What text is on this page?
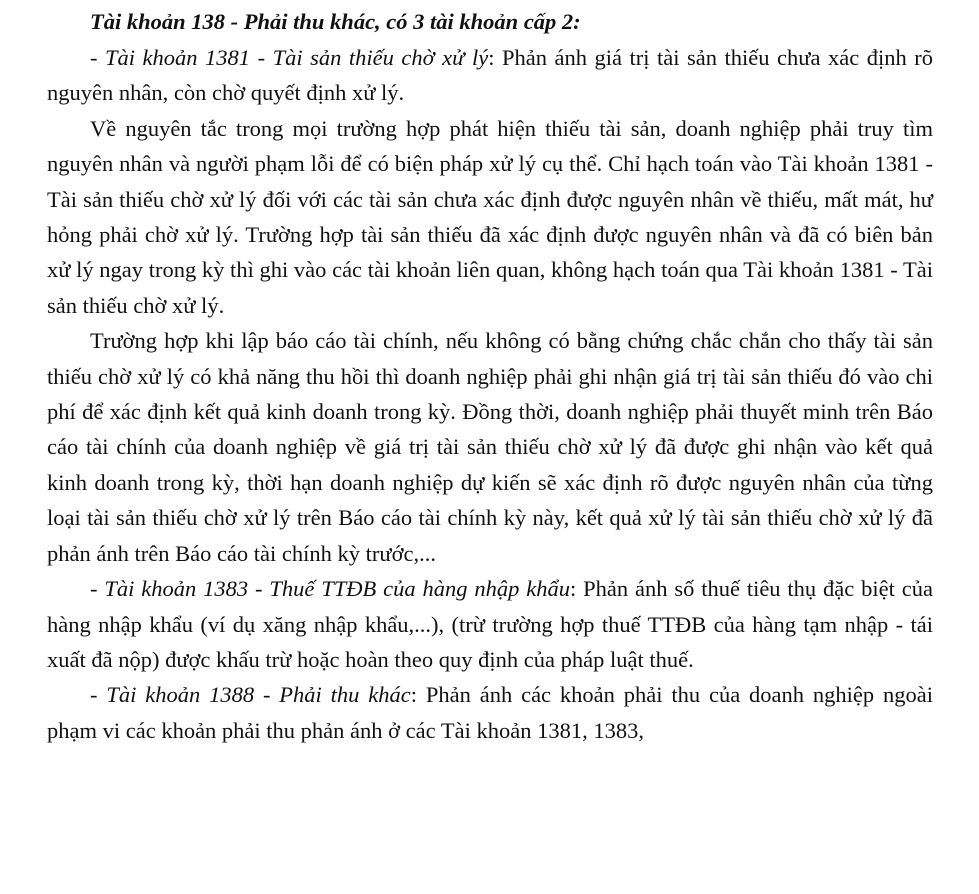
Tài khoản 138 - Phải thu khác, có 3 tài khoản cấp 2:

- Tài khoản 1381 - Tài sản thiếu chờ xử lý: Phản ánh giá trị tài sản thiếu chưa xác định rõ nguyên nhân, còn chờ quyết định xử lý.

Về nguyên tắc trong mọi trường hợp phát hiện thiếu tài sản, doanh nghiệp phải truy tìm nguyên nhân và người phạm lỗi để có biện pháp xử lý cụ thể. Chỉ hạch toán vào Tài khoản 1381 - Tài sản thiếu chờ xử lý đối với các tài sản chưa xác định được nguyên nhân về thiếu, mất mát, hư hỏng phải chờ xử lý. Trường hợp tài sản thiếu đã xác định được nguyên nhân và đã có biên bản xử lý ngay trong kỳ thì ghi vào các tài khoản liên quan, không hạch toán qua Tài khoản 1381 - Tài sản thiếu chờ xử lý.

Trường hợp khi lập báo cáo tài chính, nếu không có bằng chứng chắc chắn cho thấy tài sản thiếu chờ xử lý có khả năng thu hồi thì doanh nghiệp phải ghi nhận giá trị tài sản thiếu đó vào chi phí để xác định kết quả kinh doanh trong kỳ. Đồng thời, doanh nghiệp phải thuyết minh trên Báo cáo tài chính của doanh nghiệp về giá trị tài sản thiếu chờ xử lý đã được ghi nhận vào kết quả kinh doanh trong kỳ, thời hạn doanh nghiệp dự kiến sẽ xác định rõ được nguyên nhân của từng loại tài sản thiếu chờ xử lý trên Báo cáo tài chính kỳ này, kết quả xử lý tài sản thiếu chờ xử lý đã phản ánh trên Báo cáo tài chính kỳ trước,...

- Tài khoản 1383 - Thuế TTĐB của hàng nhập khẩu: Phản ánh số thuế tiêu thụ đặc biệt của hàng nhập khẩu (ví dụ xăng nhập khẩu,...), (trừ trường hợp thuế TTĐB của hàng tạm nhập - tái xuất đã nộp) được khấu trừ hoặc hoàn theo quy định của pháp luật thuế.

- Tài khoản 1388 - Phải thu khác: Phản ánh các khoản phải thu của doanh nghiệp ngoài phạm vi các khoản phải thu phản ánh ở các Tài khoản 1381, 1383,
